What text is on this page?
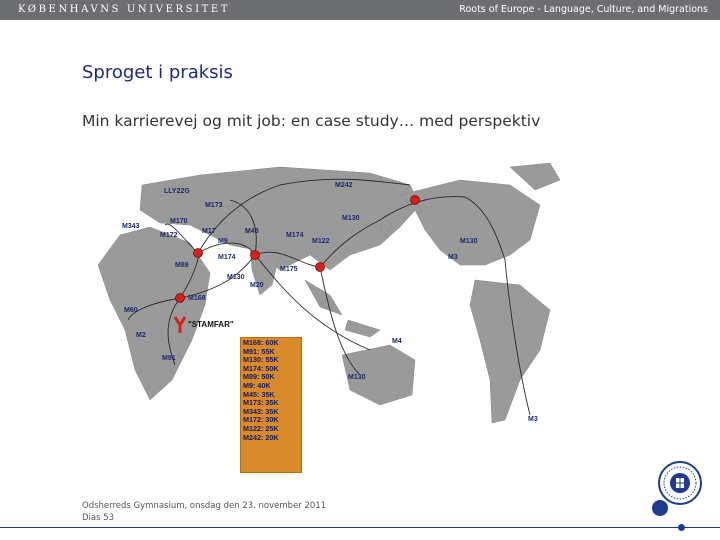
KØBENHAVNS UNIVERSITET	Roots of Europe - Language, Culture, and Migrations
Sproget i praksis
Min karrierevej og mit job: en case study… med perspektiv
LLY22G
M242
M173
M130
M343
M170
M172
M17
M9
M45
M174
M122	M130
M89
M174
M175
M130
M20
M168
M60
M2
M91
M4
M130
M3
M3
"STAMFAR"
M168: 60K
M91: 55K
M130: 55K
M174: 50K
M89: 50K
M9: 40K
M45: 35K
M173: 35K
M343: 35K
M172: 30K
M122: 25K
M242: 20K
Odsherreds Gymnasium, onsdag den 23. november 2011
Dias 53
